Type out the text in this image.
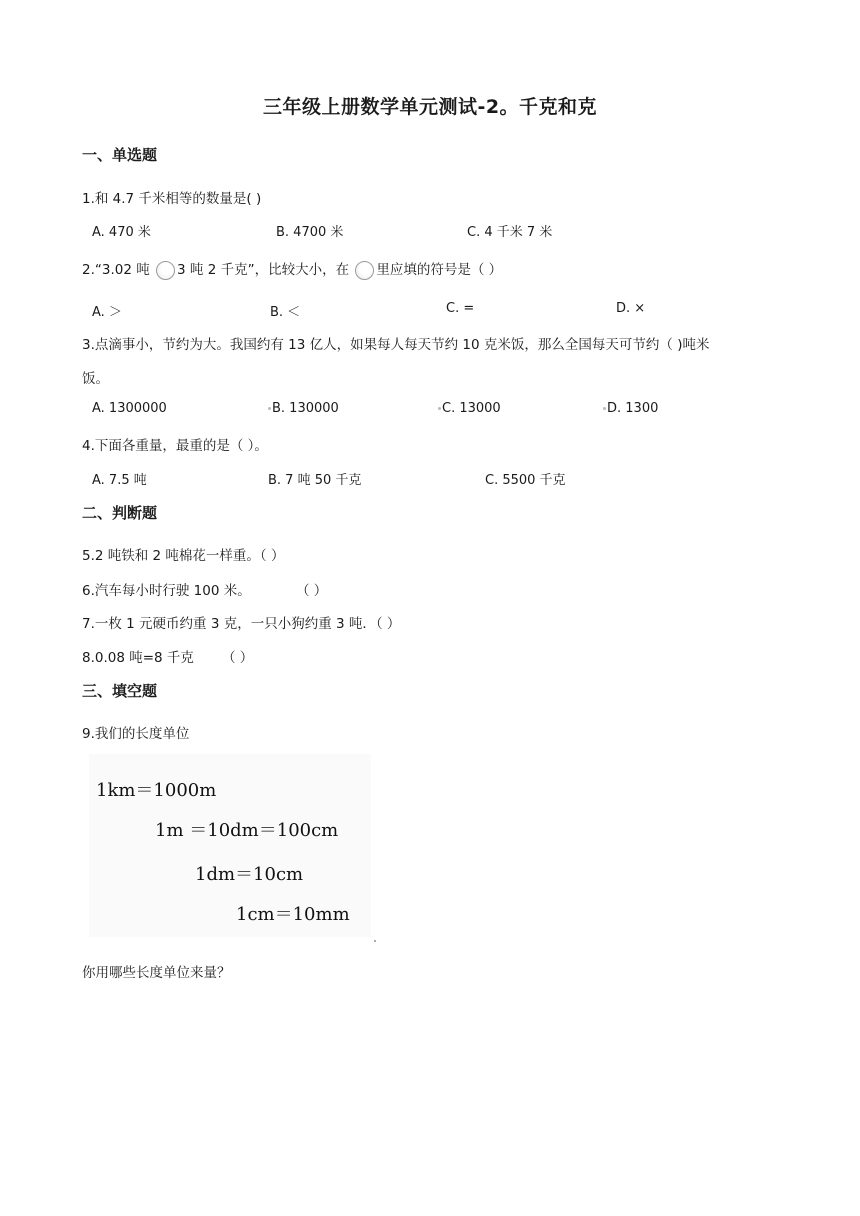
三年级上册数学单元测试-2。千克和克
一、单选题
1.和 4.7 千米相等的数量是( )
A. 470 米	B. 4700 米	C. 4 千米 7 米
2.“3.02 吨 3 吨 2 千克”，比较大小，在 里应填的符号是（ ）
A. ＞	B. ＜	C. =	D. ×
3.点滴事小，节约为大。我国约有 13 亿人，如果每人每天节约 10 克米饭，那么全国每天可节约（ )吨米
饭。
A. 1300000	B. 130000	C. 13000	D. 1300
4.下面各重量，最重的是（ ）。
A. 7.5 吨	B. 7 吨 50 千克	C. 5500 千克
二、判断题
5.2 吨铁和 2 吨棉花一样重。（ ）
6.汽车每小时行驶 100 米。	（ ）
7.一枚 1 元硬币约重 3 克，一只小狗约重 3 吨．（ ）
8.0.08 吨=8 千克 （ ）
三、填空题
9.我们的长度单位
1km＝1000m
1m ＝10dm＝100cm
1dm＝10cm
1cm＝10mm
你用哪些长度单位来量？
